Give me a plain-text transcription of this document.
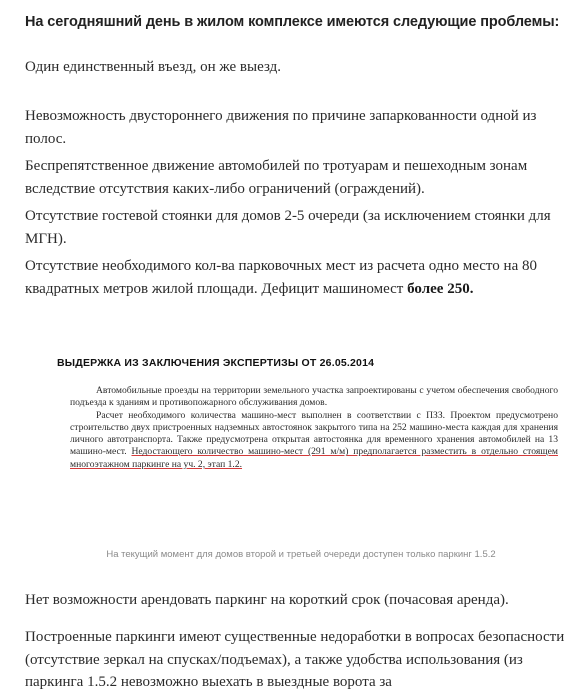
На сегодняшний день в жилом комплексе имеются следующие проблемы:
Один единственный въезд, он же выезд.
Невозможность двустороннего движения по причине запаркованности одной из полос.
Беспрепятственное движение автомобилей по тротуарам и пешеходным зонам вследствие отсутствия каких-либо ограничений (ограждений).
Отсутствие гостевой стоянки для домов 2-5 очереди (за исключением стоянки для МГН).
Отсутствие необходимого кол-ва парковочных мест из расчета одно место на 80 квадратных метров жилой площади. Дефицит машиномест более 250.
ВЫДЕРЖКА ИЗ ЗАКЛЮЧЕНИЯ ЭКСПЕРТИЗЫ ОТ 26.05.2014

Автомобильные проезды на территории земельного участка запроектированы с учетом обеспечения свободного подъезда к зданиям и противопожарного обслуживания домов.

Расчет необходимого количества машино-мест выполнен в соответствии с ПЗЗ. Проектом предусмотрено строительство двух пристроенных надземных автостоянок закрытого типа на 252 машино-места каждая для хранения личного автотранспорта. Также предусмотрена открытая автостоянка для временного хранения автомобилей на 13 машино-мест. Недостающего количество машино-мест (291 м/м) предполагается разместить в отдельно стоящем многоэтажном паркинге на уч. 2, этап 1.2.

На текущий момент для домов второй и третьей очереди доступен только паркинг 1.5.2
Нет возможности арендовать паркинг на короткий срок (почасовая аренда).
Построенные паркинги имеют существенные недоработки в вопросах безопасности (отсутствие зеркал на спусках/подъемах), а также удобства использования (из паркинга 1.5.2 невозможно выехать в выездные ворота за
